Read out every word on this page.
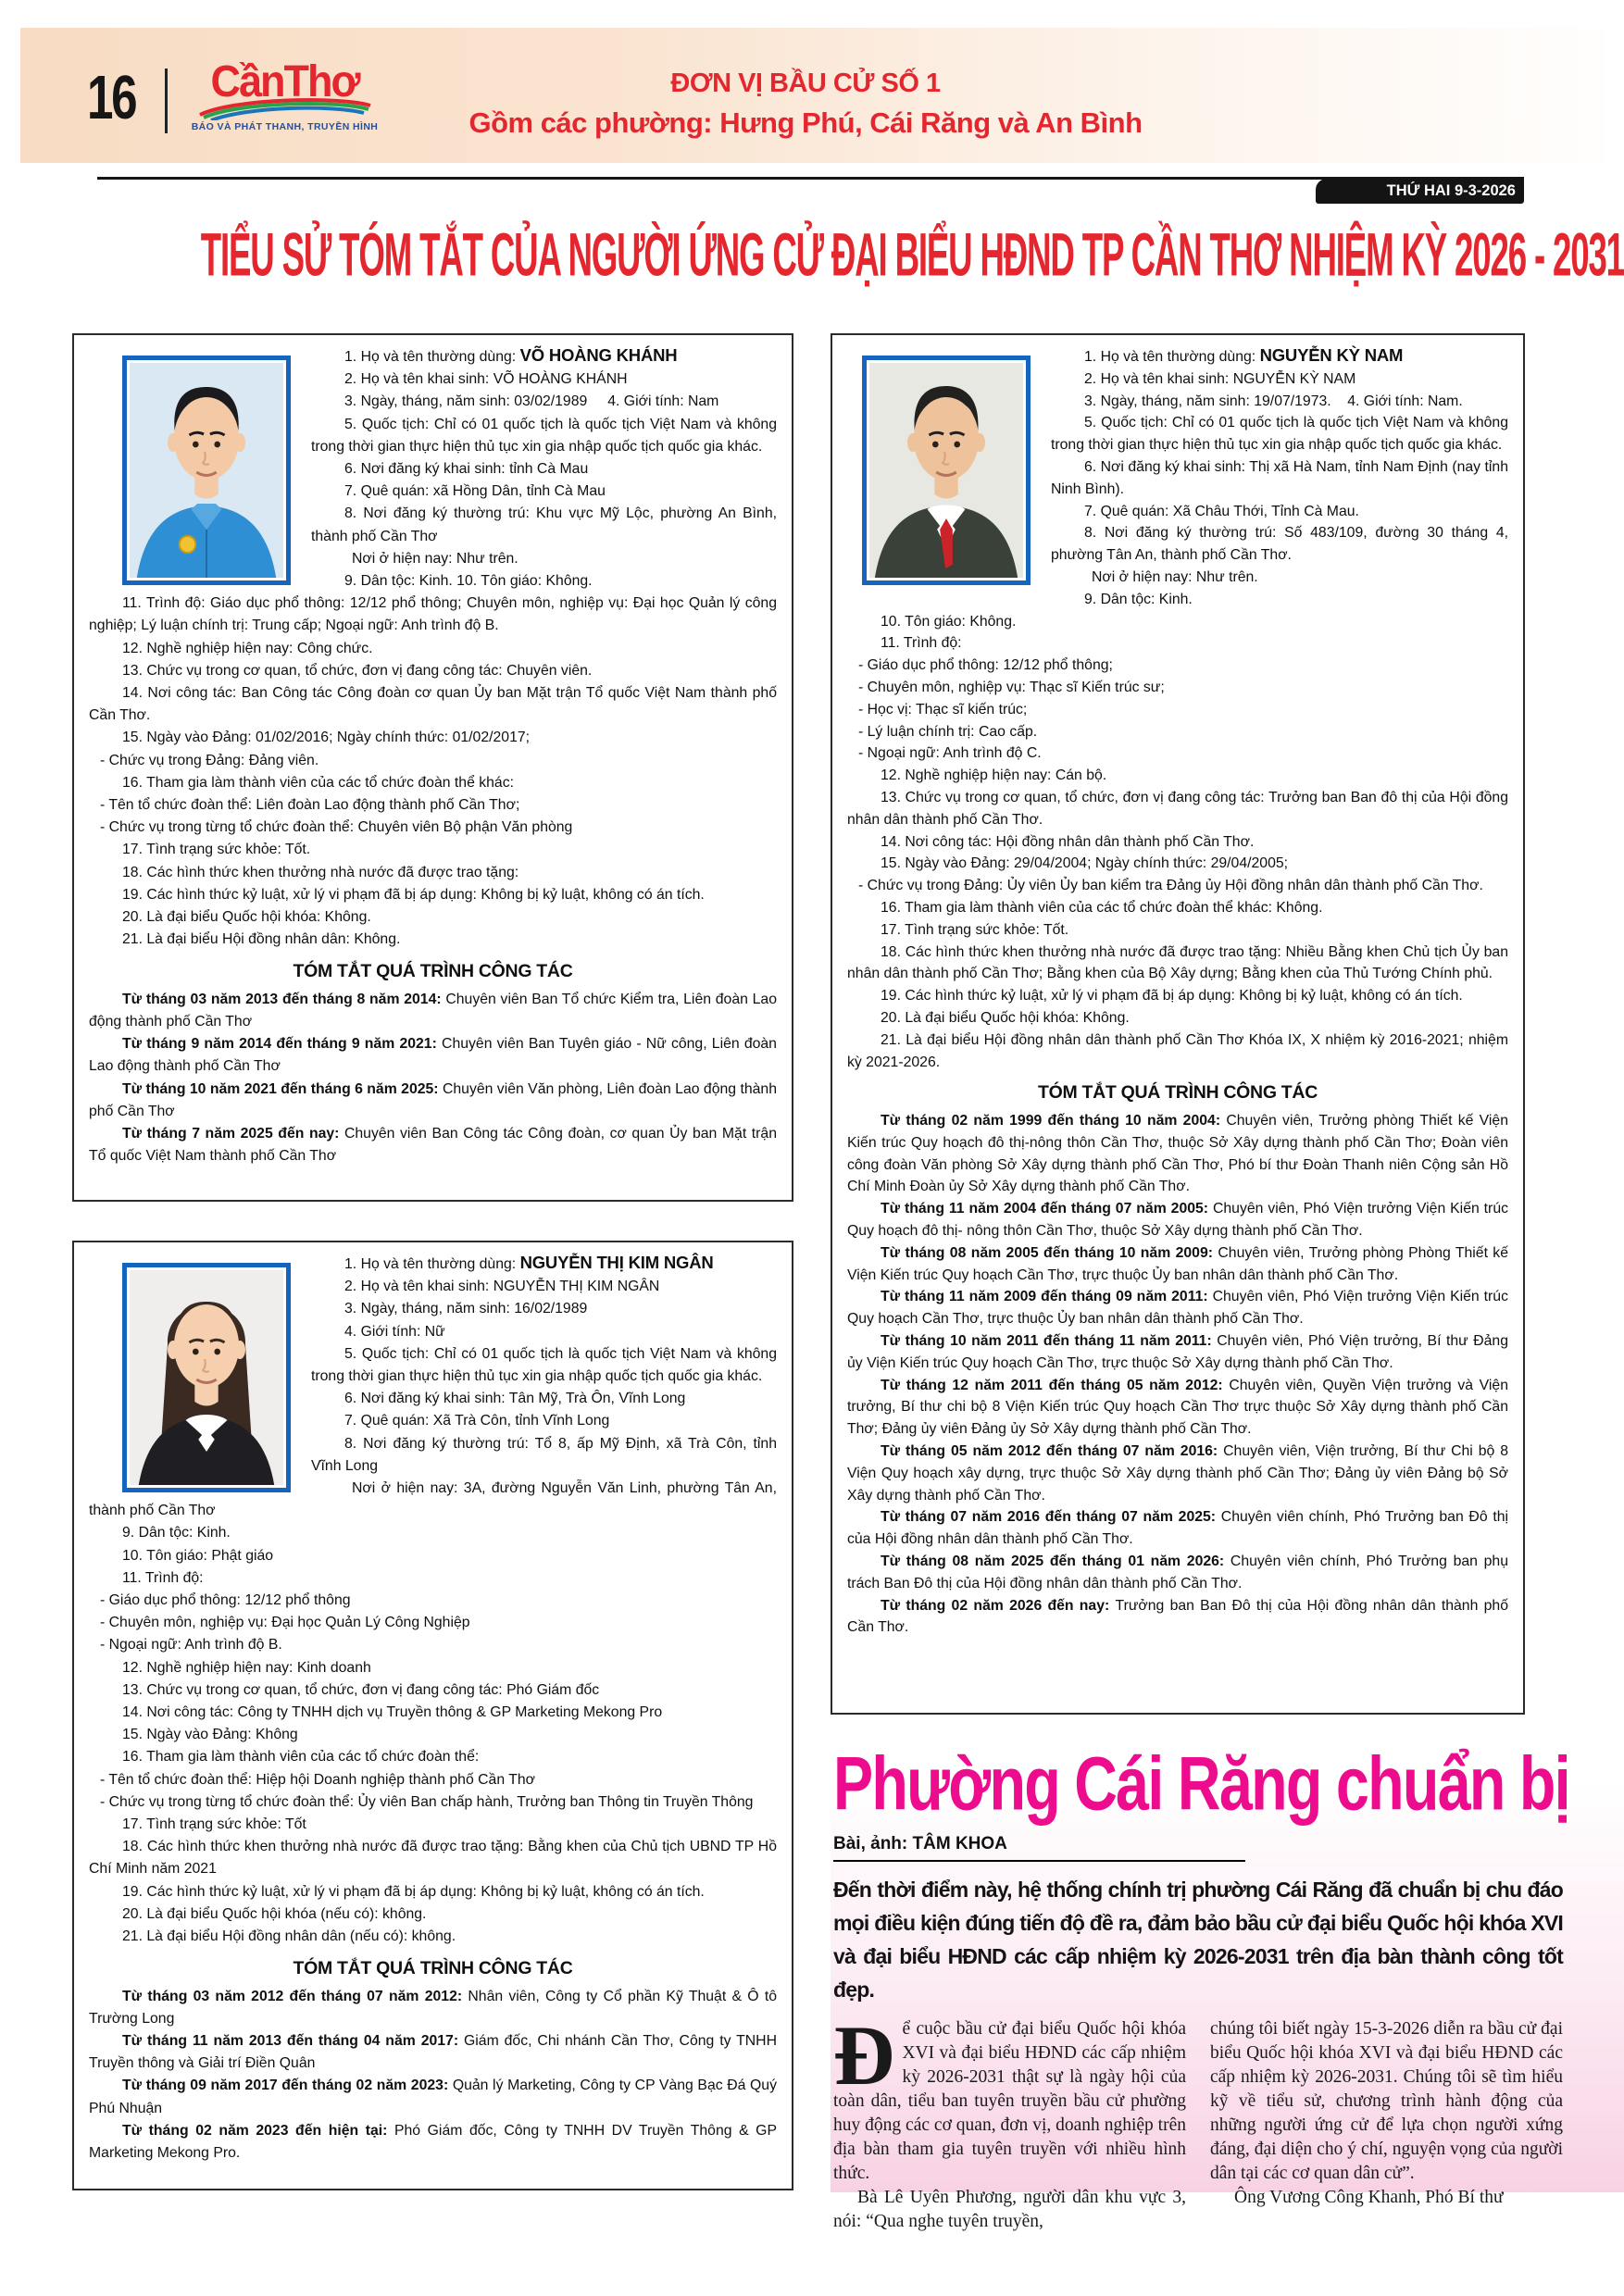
16	CầnThơ
BÁO VÀ PHÁT THANH, TRUYỀN HÌNH
ĐƠN VỊ BẦU CỬ SỐ 1
Gồm các phường: Hưng Phú, Cái Răng và An Bình
THỨ HAI 9-3-2026
TIỂU SỬ TÓM TẮT CỦA NGƯỜI ỨNG CỬ ĐẠI BIỂU HĐND TP CẦN THƠ NHIỆM KỲ 2026 - 2031

1. Họ và tên thường dùng: VÕ HOÀNG KHÁNH

2. Họ và tên khai sinh: VÕ HOÀNG KHÁNH

3. Ngày, tháng, năm sinh: 03/02/1989     4. Giới tính: Nam

5. Quốc tịch: Chỉ có 01 quốc tịch là quốc tịch Việt Nam và không trong thời gian thực hiện thủ tục xin gia nhập quốc tịch quốc gia khác.

6. Nơi đăng ký khai sinh: tỉnh Cà Mau

7. Quê quán: xã Hồng Dân, tỉnh Cà Mau

8. Nơi đăng ký thường trú: Khu vực Mỹ Lộc, phường An Bình, thành phố Cần Thơ

Nơi ở hiện nay: Như trên.

9. Dân tộc: Kinh. 10. Tôn giáo: Không.

11. Trình độ: Giáo dục phổ thông: 12/12 phổ thông; Chuyên môn, nghiệp vụ: Đại học Quản lý công nghiệp; Lý luận chính trị: Trung cấp; Ngoại ngữ: Anh trình độ B.

12. Nghề nghiệp hiện nay: Công chức.

13. Chức vụ trong cơ quan, tổ chức, đơn vị đang công tác: Chuyên viên.

14. Nơi công tác: Ban Công tác Công đoàn cơ quan Ủy ban Mặt trận Tổ quốc Việt Nam thành phố Cần Thơ.

15. Ngày vào Đảng: 01/02/2016; Ngày chính thức: 01/02/2017;

- Chức vụ trong Đảng: Đảng viên.

16. Tham gia làm thành viên của các tổ chức đoàn thể khác:

- Tên tổ chức đoàn thể: Liên đoàn Lao động thành phố Cần Thơ;

- Chức vụ trong từng tổ chức đoàn thể: Chuyên viên Bộ phận Văn phòng

17. Tình trạng sức khỏe: Tốt.

18. Các hình thức khen thưởng nhà nước đã được trao tặng:

19. Các hình thức kỷ luật, xử lý vi phạm đã bị áp dụng: Không bị kỷ luật, không có án tích.

20. Là đại biểu Quốc hội khóa: Không.

21. Là đại biểu Hội đồng nhân dân: Không.

TÓM TẮT QUÁ TRÌNH CÔNG TÁC

Từ tháng 03 năm 2013 đến tháng 8 năm 2014: Chuyên viên Ban Tổ chức Kiểm tra, Liên đoàn Lao động thành phố Cần Thơ

Từ tháng 9 năm 2014 đến tháng 9 năm 2021: Chuyên viên Ban Tuyên giáo - Nữ công, Liên đoàn Lao động thành phố Cần Thơ

Từ tháng 10 năm 2021 đến tháng 6 năm 2025: Chuyên viên Văn phòng, Liên đoàn Lao động thành phố Cần Thơ

Từ tháng 7 năm 2025 đến nay: Chuyên viên Ban Công tác Công đoàn, cơ quan Ủy ban Mặt trận Tổ quốc Việt Nam thành phố Cần Thơ

1. Họ và tên thường dùng: NGUYỄN KỲ NAM

2. Họ và tên khai sinh: NGUYỄN KỲ NAM

3. Ngày, tháng, năm sinh: 19/07/1973.    4. Giới tính: Nam.

5. Quốc tịch: Chỉ có 01 quốc tịch là quốc tịch Việt Nam và không trong thời gian thực hiện thủ tục xin gia nhập quốc tịch quốc gia khác.

6. Nơi đăng ký khai sinh: Thị xã Hà Nam, tỉnh Nam Định (nay tỉnh Ninh Bình).

7. Quê quán: Xã Châu Thới, Tỉnh Cà Mau.

8. Nơi đăng ký thường trú: Số 483/109, đường 30 tháng 4, phường Tân An, thành phố Cần Thơ.

Nơi ở hiện nay: Như trên.

9. Dân tộc: Kinh.

10. Tôn giáo: Không.

11. Trình độ:

- Giáo dục phổ thông: 12/12 phổ thông;

- Chuyên môn, nghiệp vụ: Thạc sĩ Kiến trúc sư;

- Học vị: Thạc sĩ kiến trúc;

- Lý luận chính trị: Cao cấp.

- Ngoại ngữ: Anh trình độ C.

12. Nghề nghiệp hiện nay: Cán bộ.

13. Chức vụ trong cơ quan, tổ chức, đơn vị đang công tác: Trưởng ban Ban đô thị của Hội đồng nhân dân thành phố Cần Thơ.

14. Nơi công tác: Hội đồng nhân dân thành phố Cần Thơ.

15. Ngày vào Đảng: 29/04/2004; Ngày chính thức: 29/04/2005;

- Chức vụ trong Đảng: Ủy viên Ủy ban kiểm tra Đảng ủy Hội đồng nhân dân thành phố Cần Thơ.

16. Tham gia làm thành viên của các tổ chức đoàn thể khác: Không.

17. Tình trạng sức khỏe: Tốt.

18. Các hình thức khen thưởng nhà nước đã được trao tặng: Nhiều Bằng khen Chủ tịch Ủy ban nhân dân thành phố Cần Thơ; Bằng khen của Bộ Xây dựng; Bằng khen của Thủ Tướng Chính phủ.

19. Các hình thức kỷ luật, xử lý vi phạm đã bị áp dụng: Không bị kỷ luật, không có án tích.

20. Là đại biểu Quốc hội khóa: Không.

21. Là đại biểu Hội đồng nhân dân thành phố Cần Thơ Khóa IX, X nhiệm kỳ 2016-2021; nhiệm kỳ 2021-2026.

TÓM TẮT QUÁ TRÌNH CÔNG TÁC

Từ tháng 02 năm 1999 đến tháng 10 năm 2004: Chuyên viên, Trưởng phòng Thiết kế Viện Kiến trúc Quy hoạch đô thị-nông thôn Cần Thơ, thuộc Sở Xây dựng thành phố Cần Thơ; Đoàn viên công đoàn Văn phòng Sở Xây dựng thành phố Cần Thơ, Phó bí thư Đoàn Thanh niên Cộng sản Hồ Chí Minh Đoàn ủy Sở Xây dựng thành phố Cần Thơ.

Từ tháng 11 năm 2004 đến tháng 07 năm 2005: Chuyên viên, Phó Viện trưởng Viện Kiến trúc Quy hoạch đô thị- nông thôn Cần Thơ, thuộc Sở Xây dựng thành phố Cần Thơ.

Từ tháng 08 năm 2005 đến tháng 10 năm 2009: Chuyên viên, Trưởng phòng Phòng Thiết kế Viện Kiến trúc Quy hoạch Cần Thơ, trực thuộc Ủy ban nhân dân thành phố Cần Thơ.

Từ tháng 11 năm 2009 đến tháng 09 năm 2011: Chuyên viên, Phó Viện trưởng Viện Kiến trúc Quy hoạch Cần Thơ, trực thuộc Ủy ban nhân dân thành phố Cần Thơ.

Từ tháng 10 năm 2011 đến tháng 11 năm 2011: Chuyên viên, Phó Viện trưởng, Bí thư Đảng ủy Viện Kiến trúc Quy hoạch Cần Thơ, trực thuộc Sở Xây dựng thành phố Cần Thơ.

Từ tháng 12 năm 2011 đến tháng 05 năm 2012: Chuyên viên, Quyền Viện trưởng và Viện trưởng, Bí thư chi bộ 8 Viện Kiến trúc Quy hoạch Cần Thơ trực thuộc Sở Xây dựng thành phố Cần Thơ; Đảng ủy viên Đảng ủy Sở Xây dựng thành phố Cần Thơ.

Từ tháng 05 năm 2012 đến tháng 07 năm 2016: Chuyên viên, Viện trưởng, Bí thư Chi bộ 8 Viện Quy hoạch xây dựng, trực thuộc Sở Xây dựng thành phố Cần Thơ; Đảng ủy viên Đảng bộ Sở Xây dựng thành phố Cần Thơ.

Từ tháng 07 năm 2016 đến tháng 07 năm 2025: Chuyên viên chính, Phó Trưởng ban Đô thị của Hội đồng nhân dân thành phố Cần Thơ.

Từ tháng 08 năm 2025 đến tháng 01 năm 2026: Chuyên viên chính, Phó Trưởng ban phụ trách Ban Đô thị của Hội đồng nhân dân thành phố Cần Thơ.

Từ tháng 02 năm 2026 đến nay: Trưởng ban Ban Đô thị của Hội đồng nhân dân thành phố Cần Thơ.

1. Họ và tên thường dùng: NGUYỄN THỊ KIM NGÂN

2. Họ và tên khai sinh: NGUYỄN THỊ KIM NGÂN

3. Ngày, tháng, năm sinh: 16/02/1989

4. Giới tính: Nữ

5. Quốc tịch: Chỉ có 01 quốc tịch là quốc tịch Việt Nam và không trong thời gian thực hiện thủ tục xin gia nhập quốc tịch quốc gia khác.

6. Nơi đăng ký khai sinh: Tân Mỹ, Trà Ôn, Vĩnh Long

7. Quê quán: Xã Trà Côn, tỉnh Vĩnh Long

8. Nơi đăng ký thường trú: Tổ 8, ấp Mỹ Định, xã Trà Côn, tỉnh Vĩnh Long

Nơi ở hiện nay: 3A, đường Nguyễn Văn Linh, phường Tân An, thành phố Cần Thơ

9. Dân tộc: Kinh.

10. Tôn giáo: Phật giáo

11. Trình độ:

- Giáo dục phổ thông: 12/12 phổ thông

- Chuyên môn, nghiệp vụ: Đại học Quản Lý Công Nghiệp

- Ngoại ngữ: Anh trình độ B.

12. Nghề nghiệp hiện nay: Kinh doanh

13. Chức vụ trong cơ quan, tổ chức, đơn vị đang công tác: Phó Giám đốc

14. Nơi công tác: Công ty TNHH dịch vụ Truyền thông & GP Marketing Mekong Pro

15. Ngày vào Đảng: Không

16. Tham gia làm thành viên của các tổ chức đoàn thể:

- Tên tổ chức đoàn thể: Hiệp hội Doanh nghiệp thành phố Cần Thơ

- Chức vụ trong từng tổ chức đoàn thể: Ủy viên Ban chấp hành, Trưởng ban Thông tin Truyền Thông

17. Tình trạng sức khỏe: Tốt

18. Các hình thức khen thưởng nhà nước đã được trao tặng: Bằng khen của Chủ tịch UBND TP Hồ Chí Minh năm 2021

19. Các hình thức kỷ luật, xử lý vi phạm đã bị áp dụng: Không bị kỷ luật, không có án tích.

20. Là đại biểu Quốc hội khóa (nếu có): không.

21. Là đại biểu Hội đồng nhân dân (nếu có): không.

TÓM TẮT QUÁ TRÌNH CÔNG TÁC

Từ tháng 03 năm 2012 đến tháng 07 năm 2012: Nhân viên, Công ty Cổ phần Kỹ Thuật & Ô tô Trường Long

Từ tháng 11 năm 2013 đến tháng 04 năm 2017: Giám đốc, Chi nhánh Cần Thơ, Công ty TNHH Truyền thông và Giải trí Điền Quân

Từ tháng 09 năm 2017 đến tháng 02 năm 2023: Quản lý Marketing, Công ty CP Vàng Bạc Đá Quý Phú Nhuận

Từ tháng 02 năm 2023 đến hiện tại: Phó Giám đốc, Công ty TNHH DV Truyền Thông & GP Marketing Mekong Pro.

Phường Cái Răng chuẩn bị
Bài, ảnh: TÂM KHOA
Đến thời điểm này, hệ thống chính trị phường Cái Răng đã chuẩn bị chu đáo mọi điều kiện đúng tiến độ đề ra, đảm bảo bầu cử đại biểu Quốc hội khóa XVI và đại biểu HĐND các cấp nhiệm kỳ 2026-2031 trên địa bàn thành công tốt đẹp.

Để cuộc bầu cử đại biểu Quốc hội khóa XVI và đại biểu HĐND các cấp nhiệm kỳ 2026-2031 thật sự là ngày hội của toàn dân, tiểu ban tuyên truyền bầu cử phường huy động các cơ quan, đơn vị, doanh nghiệp trên địa bàn tham gia tuyên truyền với nhiều hình thức.

Bà Lê Uyên Phương, người dân khu vực 3, nói: “Qua nghe tuyên truyền,

chúng tôi biết ngày 15-3-2026 diễn ra bầu cử đại biểu Quốc hội khóa XVI và đại biểu HĐND các cấp nhiệm kỳ 2026-2031. Chúng tôi sẽ tìm hiểu kỹ về tiểu sử, chương trình hành động của những người ứng cử để lựa chọn người xứng đáng, đại diện cho ý chí, nguyện vọng của người dân tại các cơ quan dân cử”.

Ông Vương Công Khanh, Phó Bí thư
